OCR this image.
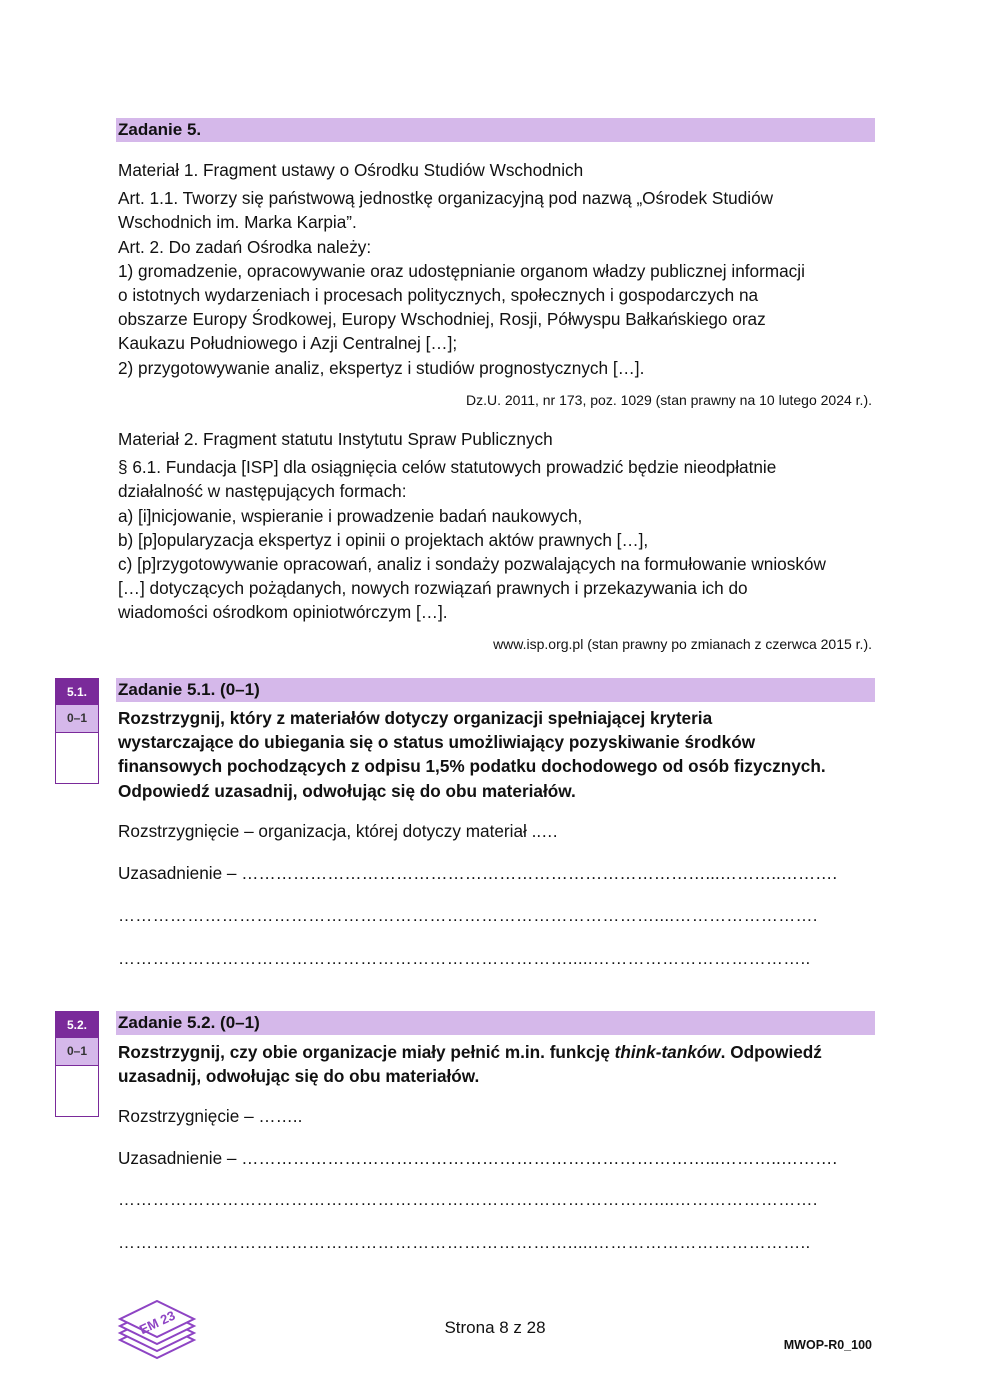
Zadanie 5.
Materiał 1. Fragment ustawy o Ośrodku Studiów Wschodnich
Art. 1.1. Tworzy się państwową jednostkę organizacyjną pod nazwą „Ośrodek Studiów
Wschodnich im. Marka Karpia”.
Art. 2. Do zadań Ośrodka należy:
1) gromadzenie, opracowywanie oraz udostępnianie organom władzy publicznej informacji
o istotnych wydarzeniach i procesach politycznych, społecznych i gospodarczych na
obszarze Europy Środkowej, Europy Wschodniej, Rosji, Półwyspu Bałkańskiego oraz
Kaukazu Południowego i Azji Centralnej […];
2) przygotowywanie analiz, ekspertyz i studiów prognostycznych […].
Dz.U. 2011, nr 173, poz. 1029 (stan prawny na 10 lutego 2024 r.).
Materiał 2. Fragment statutu Instytutu Spraw Publicznych
§ 6.1. Fundacja [ISP] dla osiągnięcia celów statutowych prowadzić będzie nieodpłatnie
działalność w następujących formach:
a) [i]nicjowanie, wspieranie i prowadzenie badań naukowych,
b) [p]opularyzacja ekspertyz i opinii o projektach aktów prawnych […],
c) [p]rzygotowywanie opracowań, analiz i sondaży pozwalających na formułowanie wniosków
[…] dotyczących pożądanych, nowych rozwiązań prawnych i przekazywania ich do
wiadomości ośrodkom opiniotwórczym […].
www.isp.org.pl (stan prawny po zmianach z czerwca 2015 r.).
5.1.
0–1
Zadanie 5.1. (0–1)
Rozstrzygnij, który z materiałów dotyczy organizacji spełniającej kryteria
wystarczające do ubiegania się o status umożliwiający pozyskiwanie środków
finansowych pochodzących z odpisu 1,5% podatku dochodowego od osób fizycznych.
Odpowiedź uzasadnij, odwołując się do obu materiałów.
Rozstrzygnięcie – organizacja, której dotyczy materiał ..…
Uzasadnienie – ………………………………………………………………………...………..……….
…………………………………………………………………………………....…………………….
…………………………………………………………………….....………………………………..
5.2.
0–1
Zadanie 5.2. (0–1)
Rozstrzygnij, czy obie organizacje miały pełnić m.in. funkcję think-tanków. Odpowiedź
uzasadnij, odwołując się do obu materiałów.
Rozstrzygnięcie – ……..
Uzasadnienie – ………………………………………………………………………...………..……….
…………………………………………………………………………………....…………………….
…………………………………………………………………….....………………………………..
EM 23	Strona 8 z 28
MWOP-R0_100
